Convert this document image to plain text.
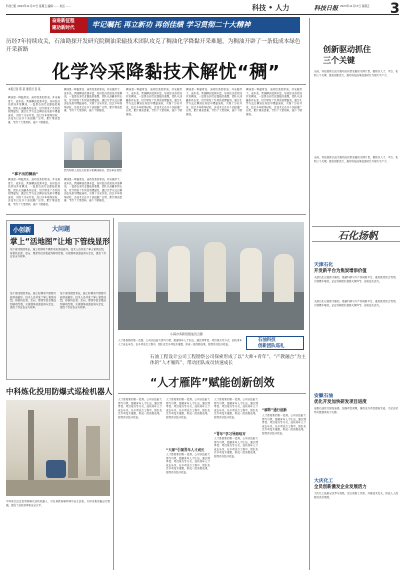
科技日报 2023年11月17日 星期五 编辑 …… 电话 ……	科技 • 人力	科技日报 2023年11月17日 星期五	3
奋进新征程
建功新时代 牢记嘱托 再立新功 再创佳绩 学习贯彻二十大精神
历经7年持续攻关，石油勘探开发研究院稠油采输技术团队攻克了稠油化学降黏开采难题，为稠油开辟了一条低成本绿色开采新路
化学冷采降黏技术解忧“稠”
本报记者 陈 某 通讯员 张 某
稠油是一种黏度高、流动性差的原油，开采难度大、成本高。我国稠油资源丰富，如何经济高效地开发稠油，一直是石油行业面临的难题。团队从油藏条件出发，设计研发了系列高效降黏剂，通过化学方法让稠油在地层中降黏流动，实现了冷采开发。经过多年现场试验，该技术已在多个油田推广应用，累计增油显著，节约了大量燃料，减少了碳排放。
“拿不出的稠油”
稠油是一种黏度高、流动性差的原油，开采难度大、成本高。我国稠油资源丰富，如何经济高效地开发稠油，一直是石油行业面临的难题。团队从油藏条件出发，设计研发了系列高效降黏剂，通过化学方法让稠油在地层中降黏流动，实现了冷采开发。经过多年现场试验，该技术已在多个油田推广应用，累计增油显著，节约了大量燃料，减少了碳排放。
稠油是一种黏度高、流动性差的原油，开采难度大、成本高。我国稠油资源丰富，如何经济高效地开发稠油，一直是石油行业面临的难题。团队从油藏条件出发，设计研发了系列高效降黏剂，通过化学方法让稠油在地层中降黏流动，实现了冷采开发。经过多年现场试验，该技术已在多个油田推广应用，累计增油显著，节约了大量燃料，减少了碳排放。
图为科研人员在实验室分析稠油样品。受访单位供图
稠油是一种黏度高、流动性差的原油，开采难度大、成本高。我国稠油资源丰富，如何经济高效地开发稠油，一直是石油行业面临的难题。团队从油藏条件出发，设计研发了系列高效降黏剂，通过化学方法让稠油在地层中降黏流动，实现了冷采开发。经过多年现场试验，该技术已在多个油田推广应用，累计增油显著，节约了大量燃料，减少了碳排放。
稠油是一种黏度高、流动性差的原油，开采难度大、成本高。我国稠油资源丰富，如何经济高效地开发稠油，一直是石油行业面临的难题。团队从油藏条件出发，设计研发了系列高效降黏剂，通过化学方法让稠油在地层中降黏流动，实现了冷采开发。经过多年现场试验，该技术已在多个油田推广应用，累计增油显著，节约了大量燃料，减少了碳排放。
稠油是一种黏度高、流动性差的原油，开采难度大、成本高。我国稠油资源丰富，如何经济高效地开发稠油，一直是石油行业面临的难题。团队从油藏条件出发，设计研发了系列高效降黏剂，通过化学方法让稠油在地层中降黏流动，实现了冷采开发。经过多年现场试验，该技术已在多个油田推广应用，累计增油显著，节约了大量燃料，减少了碳排放。
稠油是一种黏度高、流动性差的原油，开采难度大、成本高。我国稠油资源丰富，如何经济高效地开发稠油，一直是石油行业面临的难题。团队从油藏条件出发，设计研发了系列高效降黏剂，通过化学方法让稠油在地层中降黏流动，实现了冷采开发。经过多年现场试验，该技术已在多个油田推广应用，累计增油显著，节约了大量燃料，减少了碳排放。
创新驱动抓住
三个关键
当前，科技创新已成为推动高质量发展的关键力量。要抓住人才、平台、机制三个关键，激发创新活力，推动科技成果加速转化为现实生产力。
当前，科技创新已成为推动高质量发展的关键力量。要抓住人才、平台、机制三个关键，激发创新活力，推动科技成果加速转化为现实生产力。
石化扬帆
天津石化
开发新平台为焦炭增添价值
天津石化以创新为驱动，搭建科研与生产协同新平台，推进焦炭综合利用，实现降本增效。企业科研团队聚焦关键环节，加快技术迭代。
天津石化以创新为驱动，搭建科研与生产协同新平台，推进焦炭综合利用，实现降本增效。企业科研团队聚焦关键环节，加快技术迭代。
安徽石油
优化开发加快研发项目进度
安徽石油优化研发流程，加强项目管理，推动重点项目提前完成，为企业转型升级提供有力支撑。
大庆化工
全员创新激发企业发展活力
大庆化工鼓励全员参与创新，设立创新工作室，开展技术攻关，形成人人创新的良好氛围。
小创新	大问题
掌上“活地图”让地下管线显形
地下管线错综复杂，施工时稍有不慎便可能造成破坏。技术人员开发了掌上管线地图，将管线位置、走向、埋深等信息集成到移动终端，实现现场快速查询与定位，提高了作业安全与效率。
地下管线错综复杂，施工时稍有不慎便可能造成破坏。技术人员开发了掌上管线地图，将管线位置、走向、埋深等信息集成到移动终端，实现现场快速查询与定位，提高了作业安全与效率。
地下管线错综复杂，施工时稍有不慎便可能造成破坏。技术人员开发了掌上管线地图，将管线位置、走向、埋深等信息集成到移动终端，实现现场快速查询与定位，提高了作业安全与效率。
中科炼化投用防爆式巡检机器人
中科炼化近日投用防爆式巡检机器人，可在易燃易爆环境中自主巡检，实时采集设备运行数据，提高了巡检效率和安全水平。
小真办务新班组成员合影
人才是创新的第一资源。公司以技能大师为引领，组建青年人才队伍，通过师带徒、项目练兵等方式，加快青年人才成长步伐。在多项重点工程中，团队攻克多项技术难题，形成一批创新成果，取得良好经济效益。
石油科技
创新团队巡礼
石油工程设计公司工程勘察公司探索形成了以“大师+青年”、“产教融合”为主体的“人才雁阵”，带动团队成员快速成长
“人才雁阵”赋能创新创效
人才是创新的第一资源。公司以技能大师为引领，组建青年人才队伍，通过师带徒、项目练兵等方式，加快青年人才成长步伐。在多项重点工程中，团队攻克多项技术难题，形成一批创新成果，取得良好经济效益。
“大师”引领青年人才成长
人才是创新的第一资源。公司以技能大师为引领，组建青年人才队伍，通过师带徒、项目练兵等方式，加快青年人才成长步伐。在多项重点工程中，团队攻克多项技术难题，形成一批创新成果，取得良好经济效益。
人才是创新的第一资源。公司以技能大师为引领，组建青年人才队伍，通过师带徒、项目练兵等方式，加快青年人才成长步伐。在多项重点工程中，团队攻克多项技术难题，形成一批创新成果，取得良好经济效益。
“青年”学习导师结对
人才是创新的第一资源。公司以技能大师为引领，组建青年人才队伍，通过师带徒、项目练兵等方式，加快青年人才成长步伐。在多项重点工程中，团队攻克多项技术难题，形成一批创新成果，取得良好经济效益。
人才是创新的第一资源。公司以技能大师为引领，组建青年人才队伍，通过师带徒、项目练兵等方式，加快青年人才成长步伐。在多项重点工程中，团队攻克多项技术难题，形成一批创新成果，取得良好经济效益。
“雁阵”通行创新
人才是创新的第一资源。公司以技能大师为引领，组建青年人才队伍，通过师带徒、项目练兵等方式，加快青年人才成长步伐。在多项重点工程中，团队攻克多项技术难题，形成一批创新成果，取得良好经济效益。
